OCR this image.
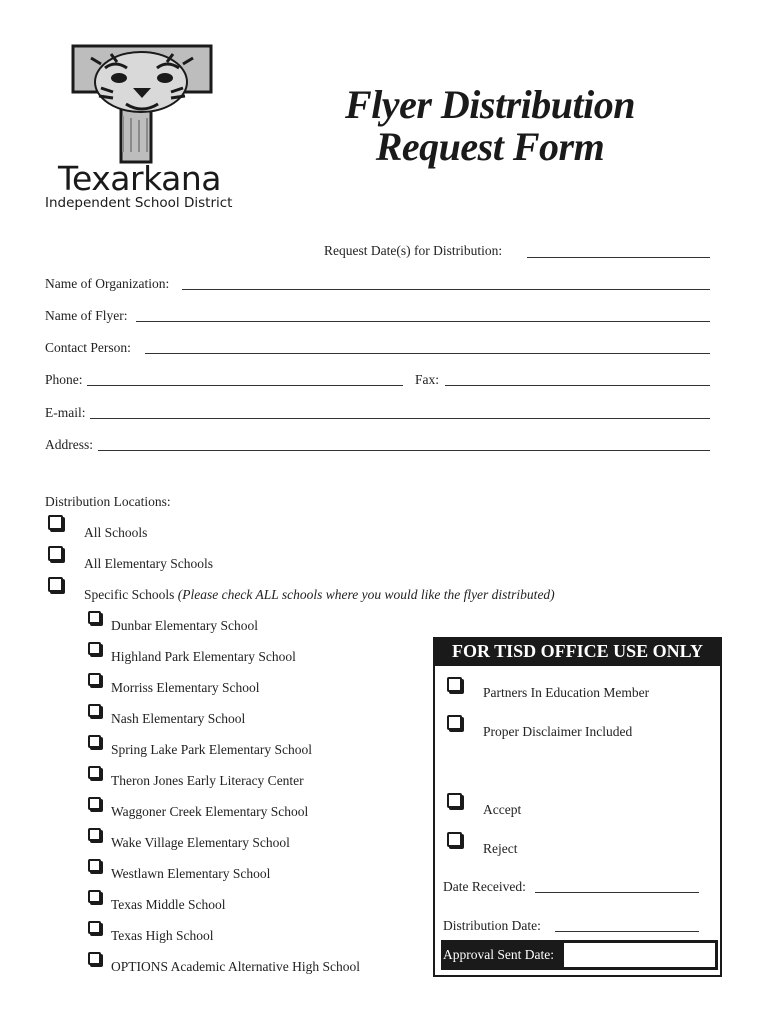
Texarkana
Independent School District
Flyer Distribution
Request Form
Request Date(s) for Distribution:
Name of Organization:
Name of Flyer:
Contact Person:
Phone:	Fax:
E-mail:
Address:
Distribution Locations:
All Schools
All Elementary Schools
Specific Schools (Please check ALL schools where you would like the flyer distributed)
Dunbar Elementary School
Highland Park Elementary School
Morriss Elementary School
Nash Elementary School
Spring Lake Park Elementary School
Theron Jones Early Literacy Center
Waggoner Creek Elementary School
Wake Village Elementary School
Westlawn Elementary School
Texas Middle School
Texas High School
OPTIONS Academic Alternative High School
FOR TISD OFFICE USE ONLY
Partners In Education Member
Proper Disclaimer Included
Accept
Reject
Date Received:
Distribution Date:
Approval Sent Date:
